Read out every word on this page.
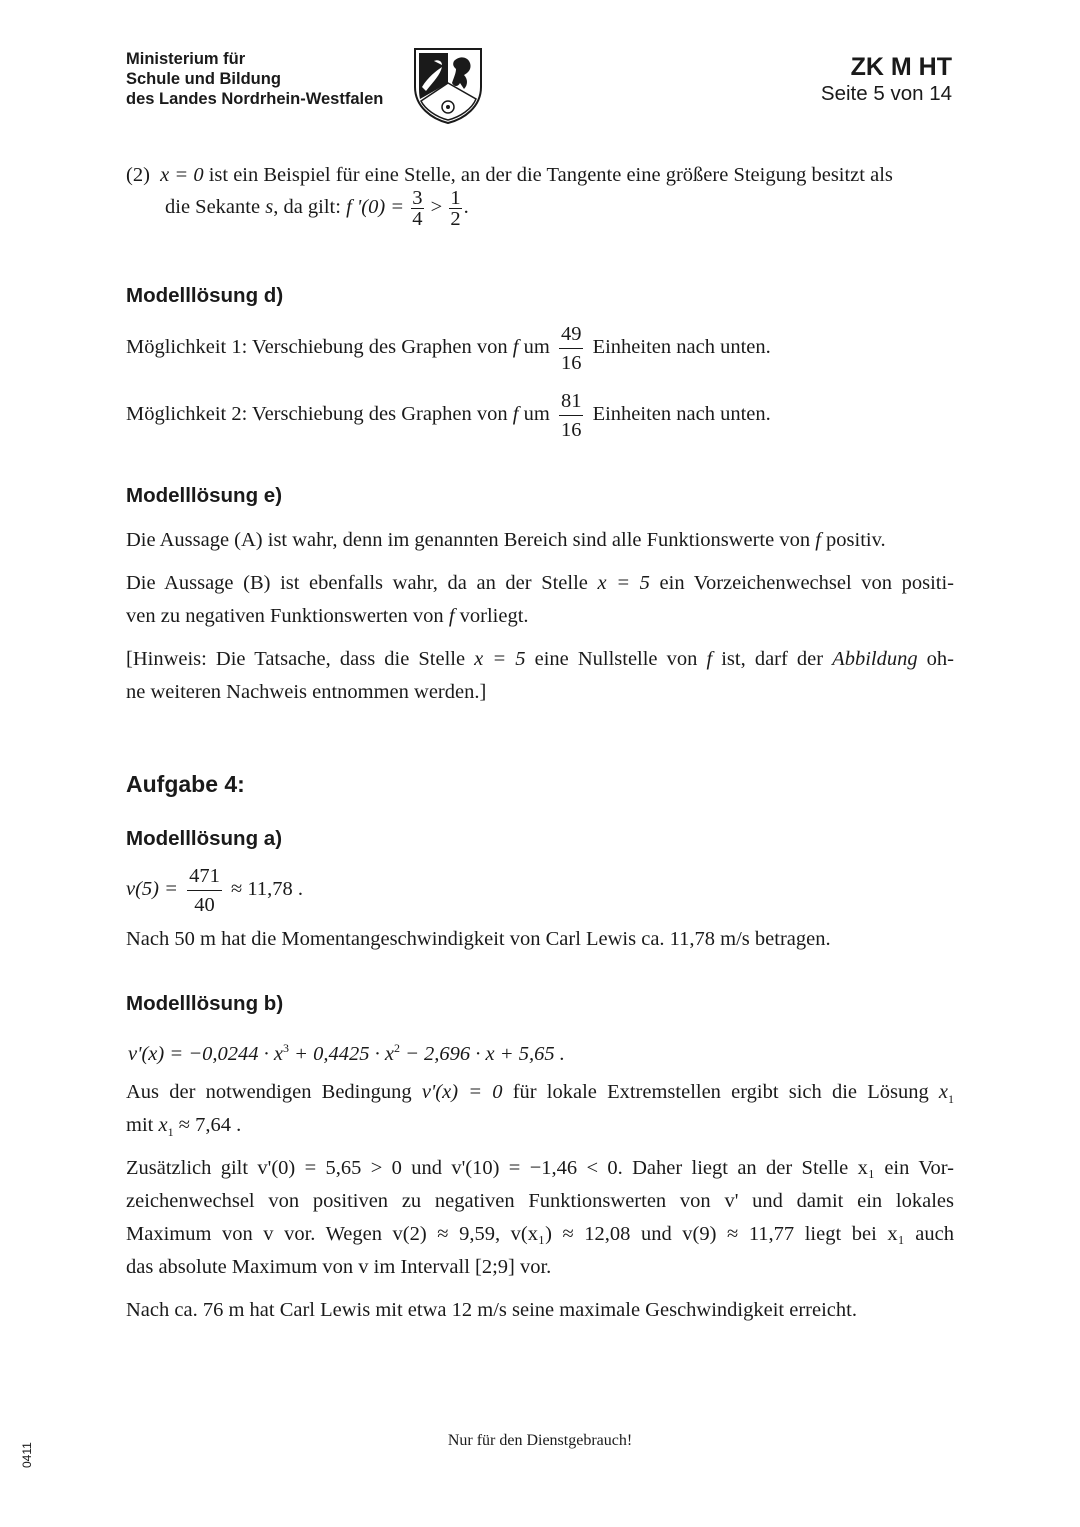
Ministerium für
Schule und Bildung
des Landes Nordrhein-Westfalen
ZK M HT
Seite 5 von 14
(2) x = 0 ist ein Beispiel für eine Stelle, an der die Tangente eine größere Steigung besitzt als
die Sekante s, da gilt: f '$(0) = \frac{3}{4} > \frac{1}{2}$ .
Modelllösung d)
Möglichkeit 1: Verschiebung des Graphen von f um $\frac{49}{16}$ Einheiten nach unten.
Möglichkeit 2: Verschiebung des Graphen von f um $\frac{81}{16}$ Einheiten nach unten.
Modelllösung e)
Die Aussage (A) ist wahr, denn im genannten Bereich sind alle Funktionswerte von f positiv.
Die Aussage (B) ist ebenfalls wahr, da an der Stelle x = 5 ein Vorzeichenwechsel von positi-
ven zu negativen Funktionswerten von f vorliegt.
[Hinweis: Die Tatsache, dass die Stelle x = 5 eine Nullstelle von f ist, darf der Abbildung oh-
ne weiteren Nachweis entnommen werden.]
Aufgabe 4:
Modelllösung a)
$v(5) = \frac{471}{40} \approx 11,78$ .
Nach 50 m hat die Momentangeschwindigkeit von Carl Lewis ca. 11,78 m/s betragen.
Modelllösung b)
$v'(x) = -0,0244 \cdot x^3 + 0,4425 \cdot x^2 - 2,696 \cdot x + 5,65$ .
Aus der notwendigen Bedingung v'(x) = 0 für lokale Extremstellen ergibt sich die Lösung $x_1$
mit $x_1 \approx 7,64$ .
Zusätzlich gilt v'(0) = 5,65 > 0 und v'(10) = −1,46 < 0. Daher liegt an der Stelle x₁ ein Vor-
zeichenwechsel von positiven zu negativen Funktionswerten von v' und damit ein lokales
Maximum von v vor. Wegen v(2) ≈ 9,59, v(x₁) ≈ 12,08 und v(9) ≈ 11,77 liegt bei x₁ auch
das absolute Maximum von v im Intervall [2;9] vor.
Nach ca. 76 m hat Carl Lewis mit etwa 12 m/s seine maximale Geschwindigkeit erreicht.
Nur für den Dienstgebrauch!
0411
